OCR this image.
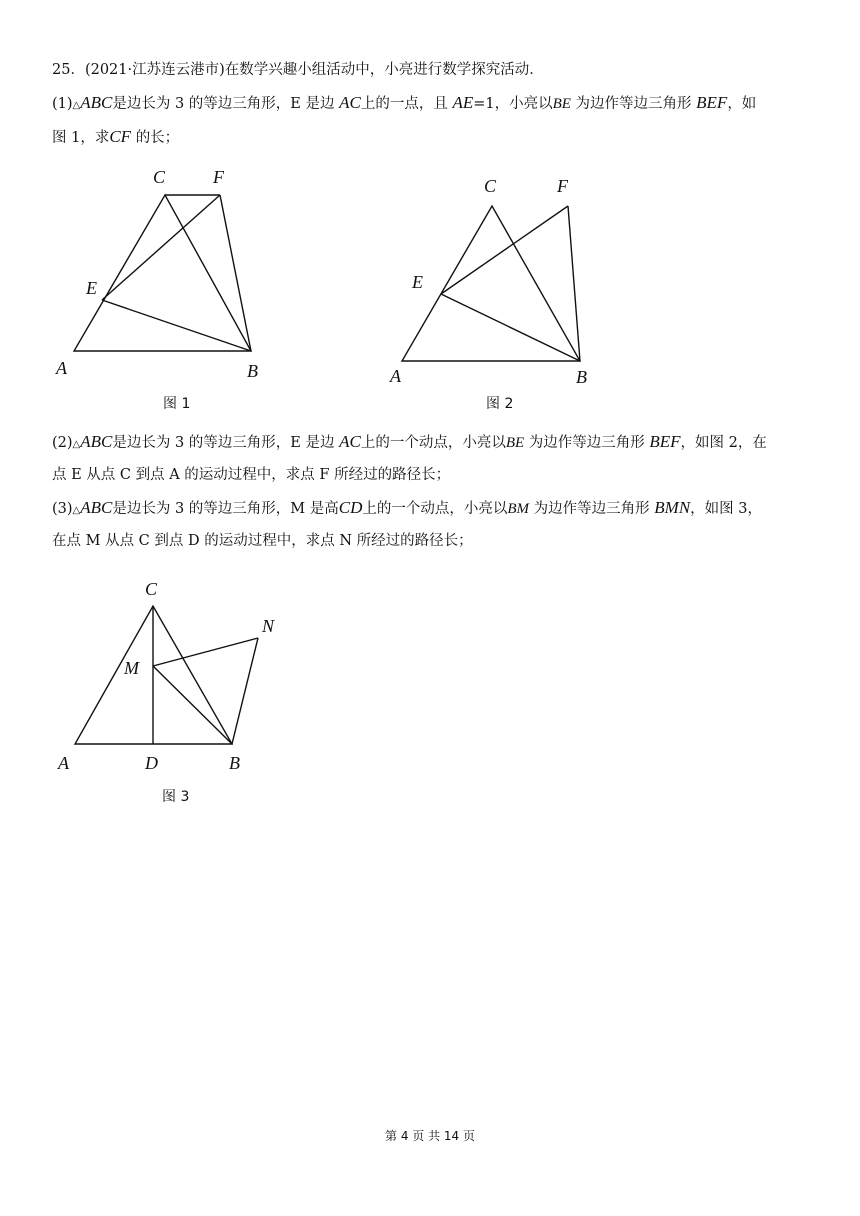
25．(2021·江苏连云港市)在数学兴趣小组活动中，小亮进行数学探究活动．
(1)△ABC是边长为 3 的等边三角形，E 是边 AC上的一点，且 AE=1，小亮以BE 为边作等边三角形 BEF，如
图 1，求CF 的长；
C	F
E
A	B
图 1
C	F
E
A	B
图 2
(2)△ABC是边长为 3 的等边三角形，E 是边 AC上的一个动点，小亮以BE 为边作等边三角形 BEF，如图 2，在
点 E 从点 C 到点 A 的运动过程中，求点 F 所经过的路径长；
(3)△ABC是边长为 3 的等边三角形，M 是高CD上的一个动点，小亮以BM 为边作等边三角形 BMN，如图 3，
在点 M 从点 C 到点 D 的运动过程中，求点 N 所经过的路径长；
C
N
M
A	D	B
图 3
第 4 页 共 14 页
